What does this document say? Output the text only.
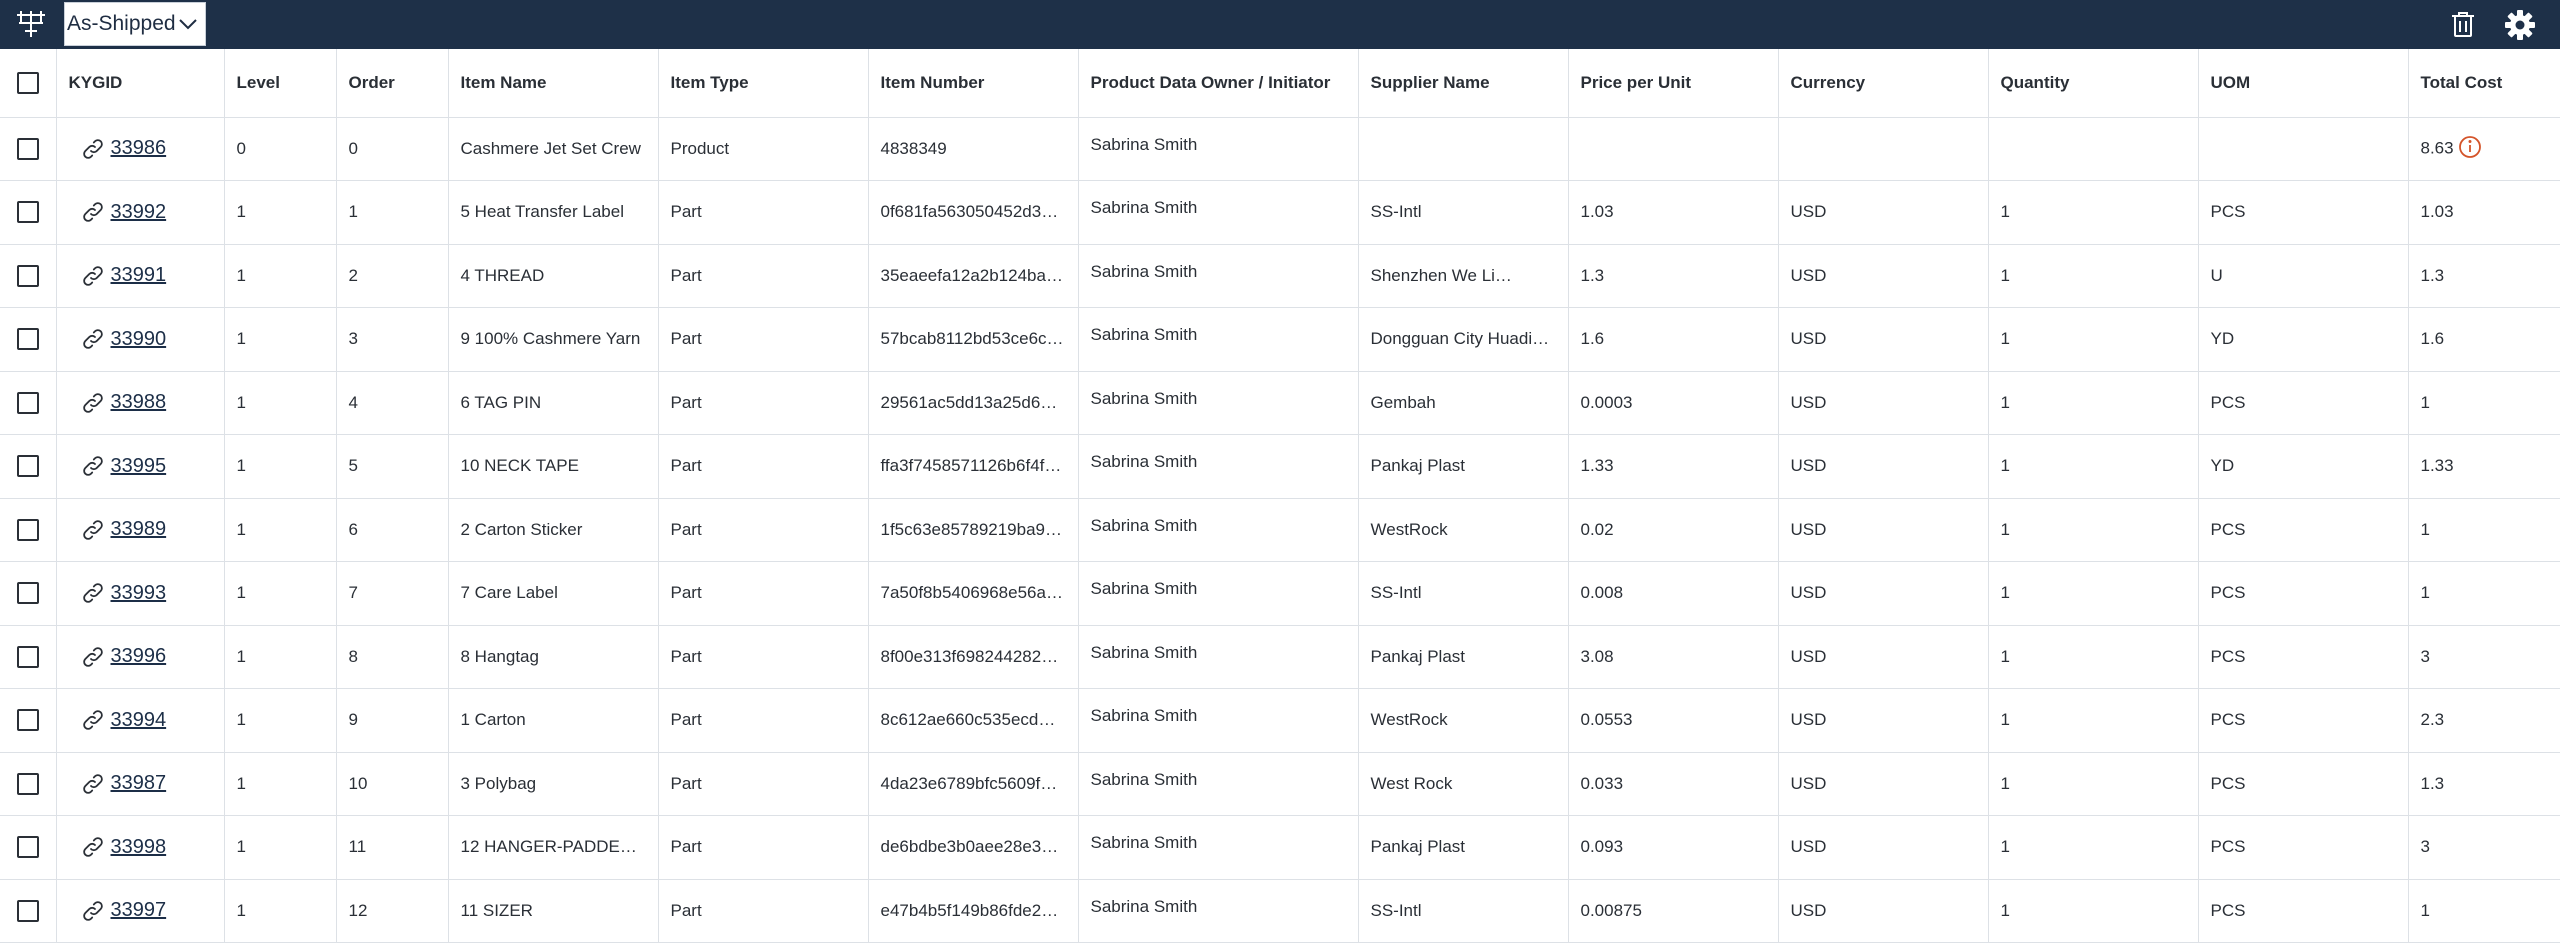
As-Shipped
	KYGID	Level	Order	Item Name	Item Type	Item Number	Product Data Owner / Initiator	Supplier Name	Price per Unit	Currency	Quantity	UOM	Total Cost

	33986	0	0	Cashmere Jet Set Crew	Product	4838349	Sabrina Smith						8.63

	33992	1	1	5 Heat Transfer Label	Part	0f681fa563050452d3…	Sabrina Smith	SS-Intl	1.03	USD	1	PCS	1.03

	33991	1	2	4 THREAD	Part	35eaeefa12a2b124ba…	Sabrina Smith	Shenzhen We Li…	1.3	USD	1	U	1.3

	33990	1	3	9 100% Cashmere Yarn	Part	57bcab8112bd53ce6c…	Sabrina Smith	Dongguan City Huadi…	1.6	USD	1	YD	1.6

	33988	1	4	6 TAG PIN	Part	29561ac5dd13a25d6…	Sabrina Smith	Gembah	0.0003	USD	1	PCS	1

	33995	1	5	10 NECK TAPE	Part	ffa3f7458571126b6f4f…	Sabrina Smith	Pankaj Plast	1.33	USD	1	YD	1.33

	33989	1	6	2 Carton Sticker	Part	1f5c63e85789219ba9…	Sabrina Smith	WestRock	0.02	USD	1	PCS	1

	33993	1	7	7 Care Label	Part	7a50f8b5406968e56a…	Sabrina Smith	SS-Intl	0.008	USD	1	PCS	1

	33996	1	8	8 Hangtag	Part	8f00e313f698244282…	Sabrina Smith	Pankaj Plast	3.08	USD	1	PCS	3

	33994	1	9	1 Carton	Part	8c612ae660c535ecd…	Sabrina Smith	WestRock	0.0553	USD	1	PCS	2.3

	33987	1	10	3 Polybag	Part	4da23e6789bfc5609f…	Sabrina Smith	West Rock	0.033	USD	1	PCS	1.3

	33998	1	11	12 HANGER-PADDE…	Part	de6bdbe3b0aee28e3…	Sabrina Smith	Pankaj Plast	0.093	USD	1	PCS	3

	33997	1	12	11 SIZER	Part	e47b4b5f149b86fde2…	Sabrina Smith	SS-Intl	0.00875	USD	1	PCS	1
